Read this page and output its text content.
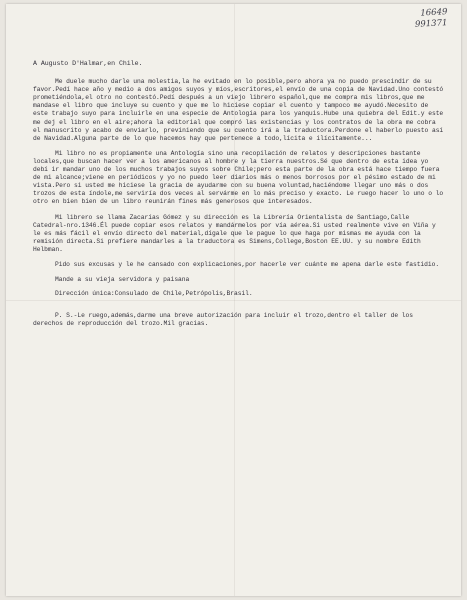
16649
991371

A Augusto D'Halmar,en Chile.

Me duele mucho darle una molestia,la he evitado en lo posible,pero ahora ya no puedo prescindir de su favor.Pedí hace año y medio a dos amigos suyos y míos,escritores,el envío de una copia de Navidad.Uno contestó prometiéndola,el otro no contestó.Pedí después a un viejo librero español,que me compra mis libros,que me mandase el libro que incluye su cuento y que me lo hiciese copiar el cuento y tampoco me ayudó.Necesito de este trabajo suyo para incluirle en una especie de Antología para los yanquis.Hube una quiebra del Edit.y este me dej el libro en el aire;ahora la editorial que compró las existencias y los contratos de la obra me cobra el manuscrito y acabo de enviarlo, previniendo que su cuento irá a la traductora.Perdone el haberlo puesto así de Navidad.Alguna parte de lo que hacemos hay que pertenece a todo,lícita e ilícitamente...

Mi libro no es propiamente una Antología sino una recopilación de relatos y descripciones bastante locales,que buscan hacer ver a los americanos al hombre y la tierra nuestros.Sé que dentro de esta idea yo debí ir mandar uno de los muchos trabajos suyos sobre Chile;pero esta parte de la obra está hace tiempo fuera de mi alcance;viene en periódicos y yo no puedo leer diarios más o menos borrosos por el pésimo estado de mi vista.Pero si usted me hiciese la gracia de ayudarme con su buena voluntad,haciéndome llegar uno más o dos trozos de esta índole,me serviría dos veces al servárme en lo más preciso y exacto. Le ruego hacer lo uno o lo otro en bien bien de un libro reunirán fines más generosos que interesados.

Mi librero se llama Zacarías Gómez y su dirección es la Librería Orientalista de Santiago,Calle Catedral-nro.1346.Él puede copiar esos relatos y mandármelos por vía aérea.Si usted realmente vive en Viña y le es más fácil el envío directo del material,dígale que le pague lo que haga por mismas me ayuda con la remisión directa.Si prefiere mandarles a la traductora es Simens,College,Boston EE.UU. y su nombre Edith Helbman.

Pido sus excusas y le he cansado con explicaciones,por hacerle ver cuánte me apena darle este fastidio.

Mande a su vieja servidora y paisana

Dirección única:Consulado de Chile,Petrópolis,Brasil.

P. S.-Le ruego,además,darme una breve autorización para incluir el trozo,dentro el taller de los derechos de reproducción del trozo.Mil gracias.
